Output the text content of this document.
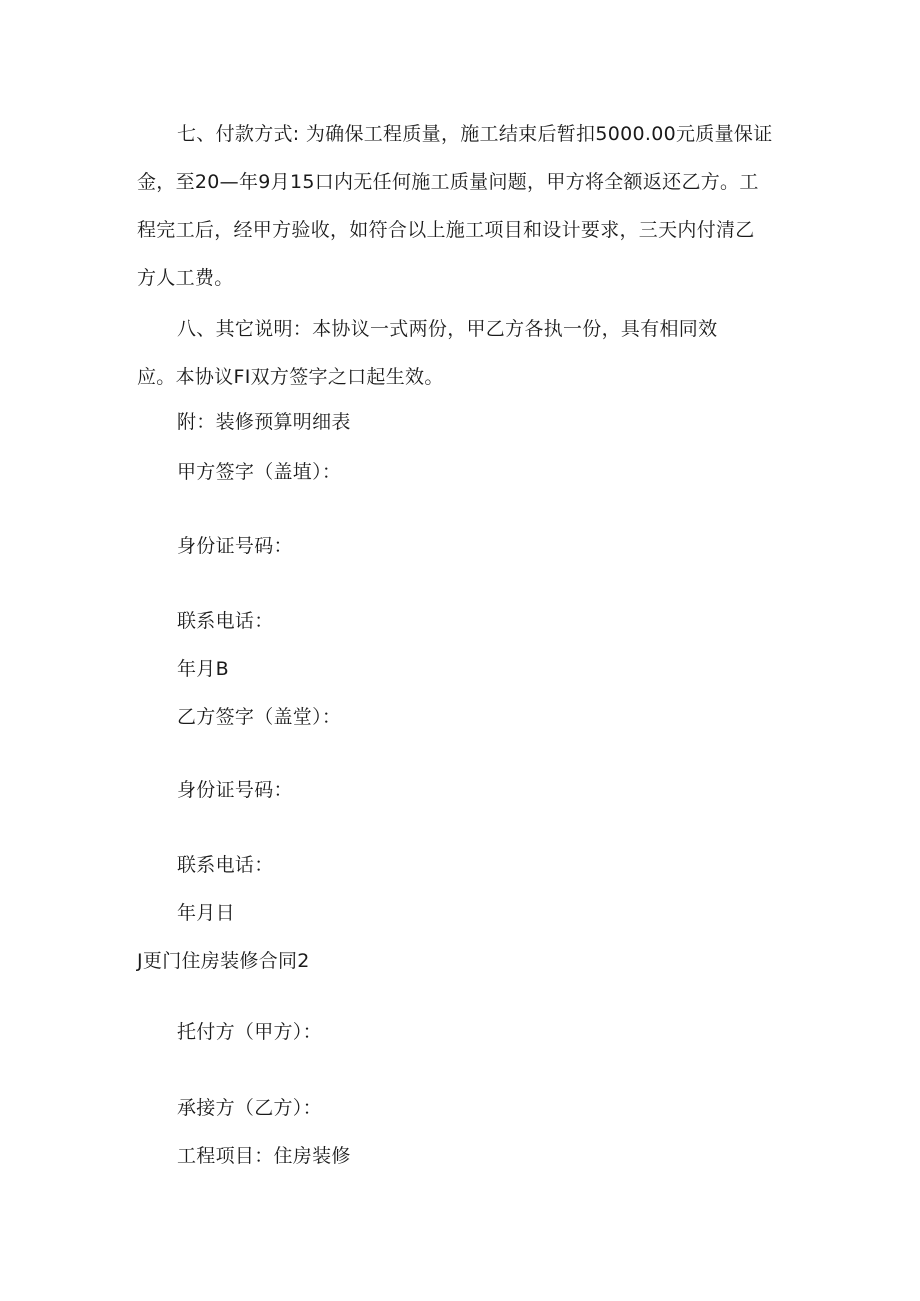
七、付款方式: 为确保工程质量，施工结束后暂扣5000.00元质量保证
金，至20—年9月15口内无任何施工质量问题，甲方将全额返还乙方。工
程完工后，经甲方验收，如符合以上施工项目和设计要求，三天内付清乙
方人工费。
八、其它说明：本协议一式两份，甲乙方各执一份，具有相同效
应。本协议FI双方签字之口起生效。
附：装修预算明细表
甲方签字（盖埴）：
身份证号码：
联系电话：
年月B
乙方签字（盖堂）：
身份证号码：
联系电话：
年月日
J更门住房装修合同2
托付方（甲方）：
承接方（乙方）：
工程项目：住房装修
